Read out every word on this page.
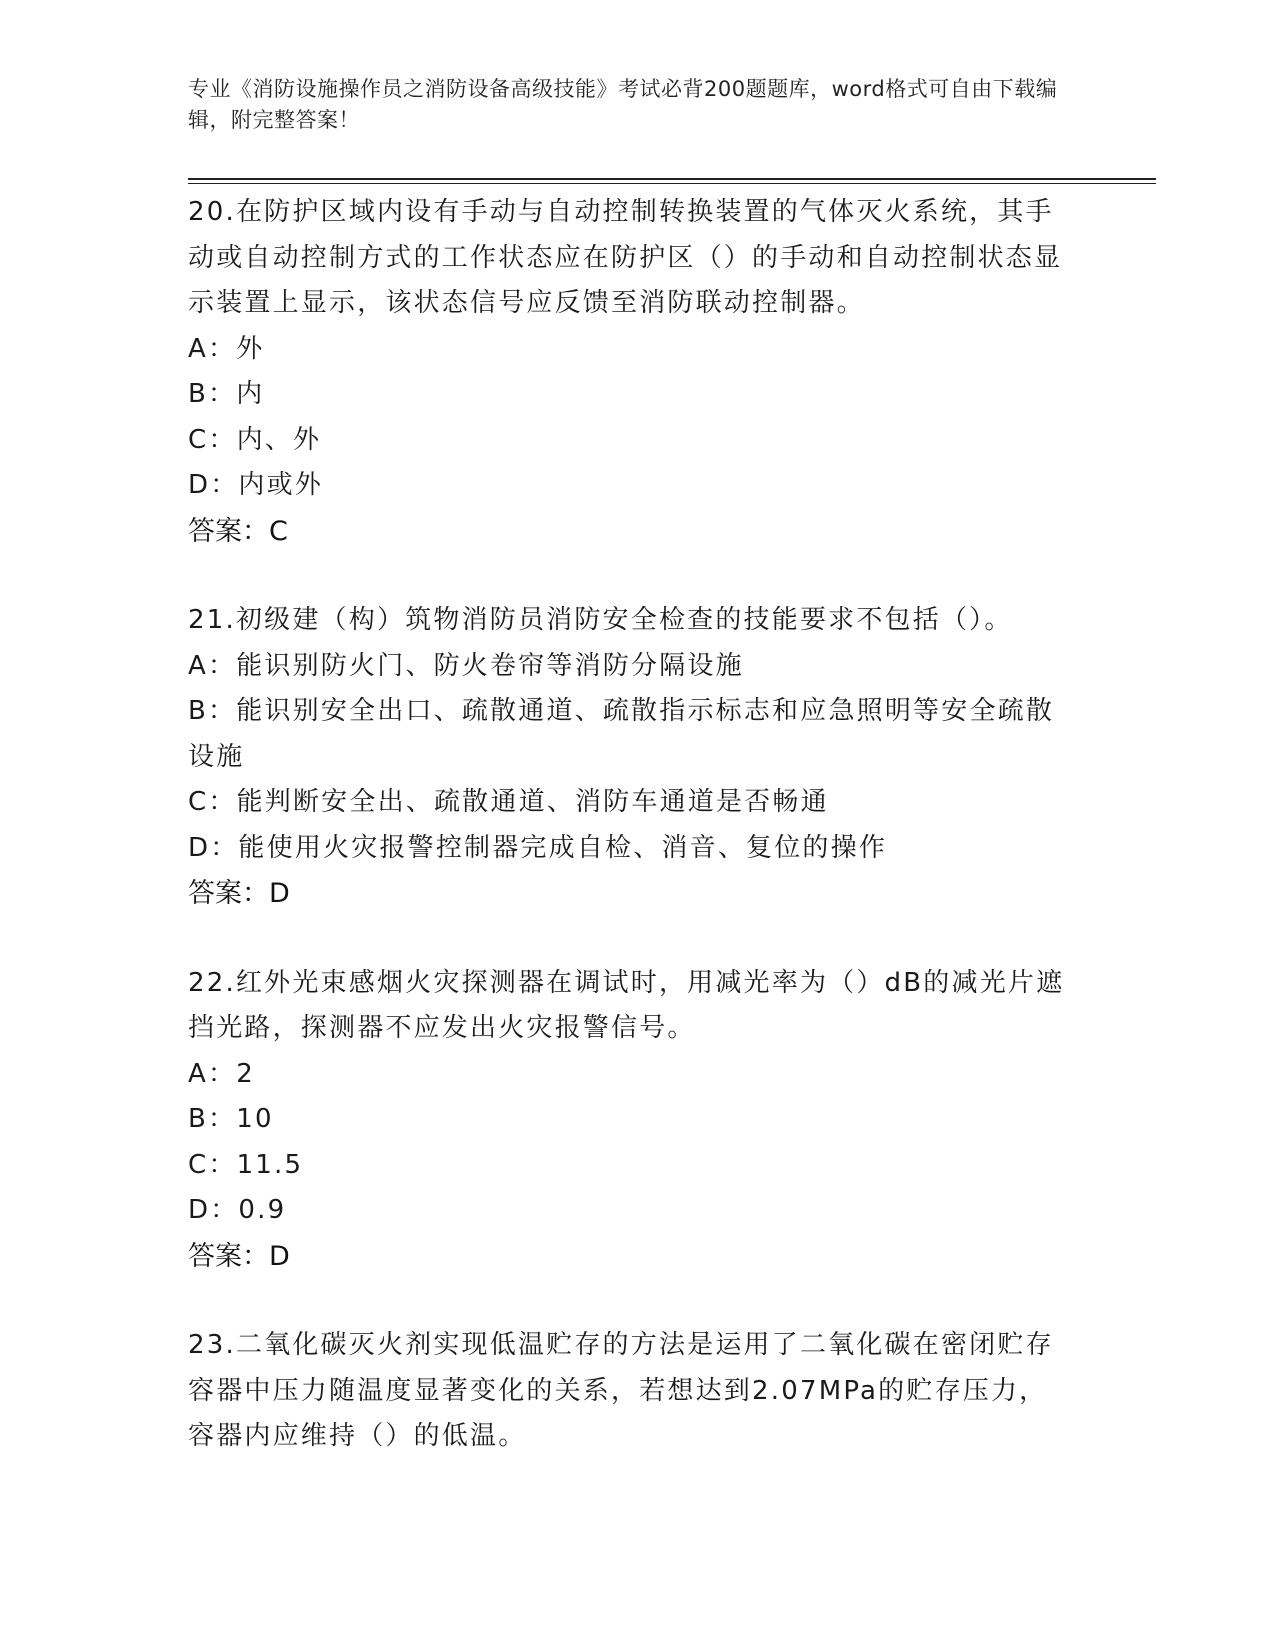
专业《消防设施操作员之消防设备高级技能》考试必背200题题库，word格式可自由下载编辑，附完整答案！

20.在防护区域内设有手动与自动控制转换装置的气体灭火系统，其手动或自动控制方式的工作状态应在防护区（）的手动和自动控制状态显示装置上显示，该状态信号应反馈至消防联动控制器。

A：外

B：内

C：内、外

D：内或外

答案：C

21.初级建（构）筑物消防员消防安全检查的技能要求不包括（）。

A：能识别防火门、防火卷帘等消防分隔设施

B：能识别安全出口、疏散通道、疏散指示标志和应急照明等安全疏散设施

C：能判断安全出、疏散通道、消防车通道是否畅通

D：能使用火灾报警控制器完成自检、消音、复位的操作

答案：D

22.红外光束感烟火灾探测器在调试时，用减光率为（）dB的减光片遮挡光路，探测器不应发出火灾报警信号。

A：2

B：10

C：11.5

D：0.9

答案：D

23.二氧化碳灭火剂实现低温贮存的方法是运用了二氧化碳在密闭贮存容器中压力随温度显著变化的关系，若想达到2.07MPa的贮存压力，容器内应维持（）的低温。
